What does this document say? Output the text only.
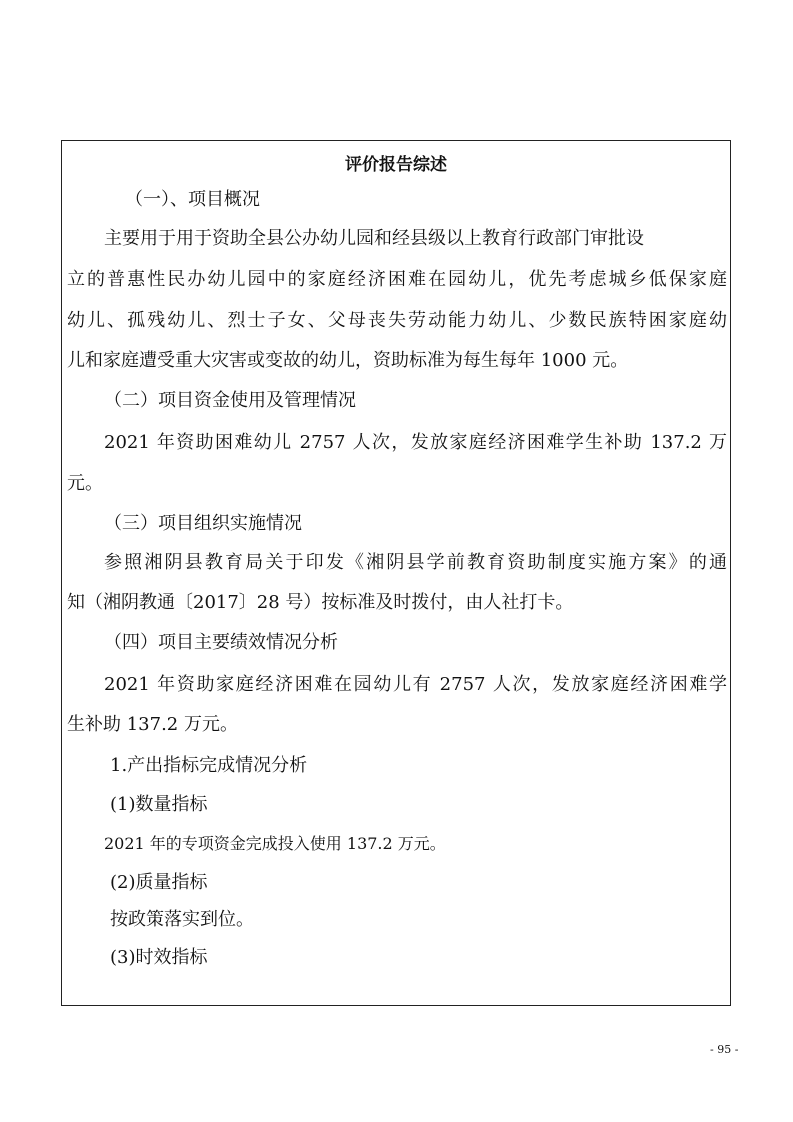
评价报告综述

（一）、项目概况

主要用于用于资助全县公办幼儿园和经县级以上教育行政部门审批设

立的普惠性民办幼儿园中的家庭经济困难在园幼儿，优先考虑城乡低保家庭

幼儿、孤残幼儿、烈士子女、父母丧失劳动能力幼儿、少数民族特困家庭幼

儿和家庭遭受重大灾害或变故的幼儿，资助标准为每生每年 1000 元。

（二）项目资金使用及管理情况

2021 年资助困难幼儿 2757 人次，发放家庭经济困难学生补助 137.2 万

元。

（三）项目组织实施情况

参照湘阴县教育局关于印发《湘阴县学前教育资助制度实施方案》的通

知（湘阴教通〔2017〕28 号）按标准及时拨付，由人社打卡。

（四）项目主要绩效情况分析

2021 年资助家庭经济困难在园幼儿有 2757 人次，发放家庭经济困难学

生补助 137.2 万元。

1.产出指标完成情况分析

(1)数量指标

2021 年的专项资金完成投入使用 137.2 万元。

(2)质量指标

按政策落实到位。

(3)时效指标

- 95 -
